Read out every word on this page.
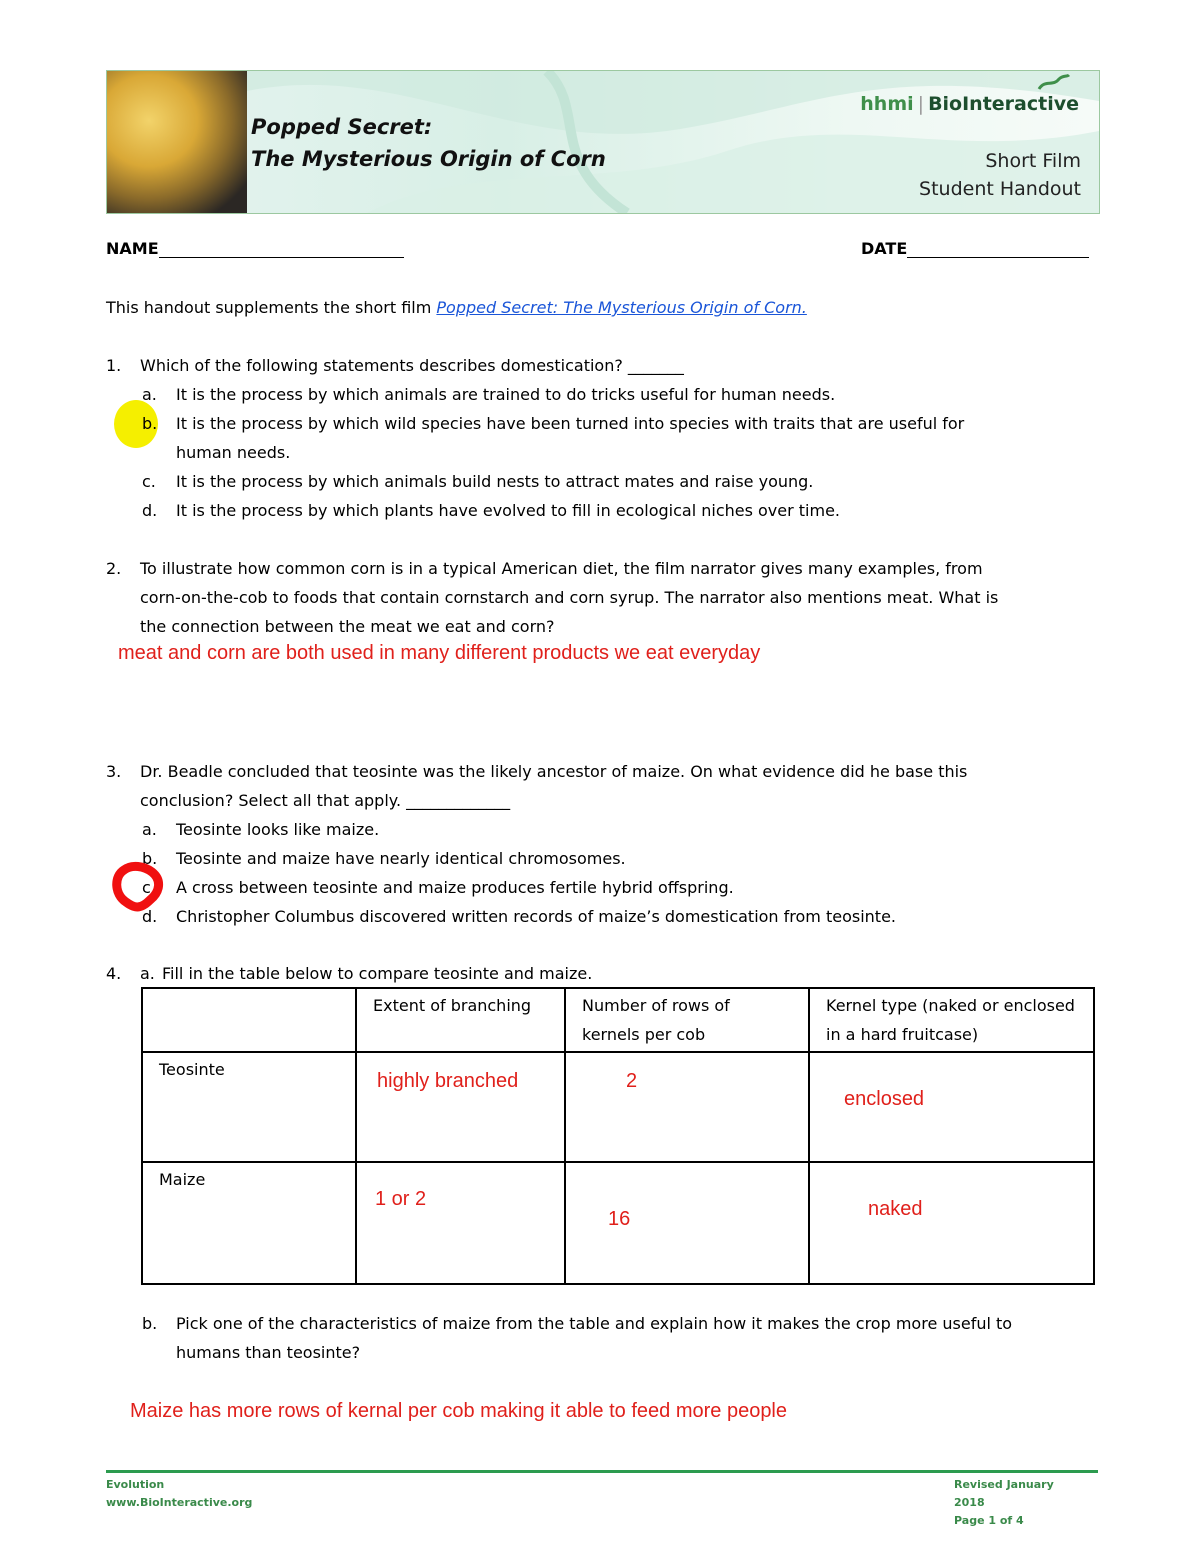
Popped Secret:
The Mysterious Origin of Corn
hhmi | BioInteractive
Short Film
Student Handout
NAME	DATE
This handout supplements the short film Popped Secret: The Mysterious Origin of Corn.
1. Which of the following statements describes domestication? _______
a. It is the process by which animals are trained to do tricks useful for human needs.
b. It is the process by which wild species have been turned into species with traits that are useful for
human needs.
c. It is the process by which animals build nests to attract mates and raise young.
d. It is the process by which plants have evolved to fill in ecological niches over time.
2. To illustrate how common corn is in a typical American diet, the film narrator gives many examples, from
corn-on-the-cob to foods that contain cornstarch and corn syrup. The narrator also mentions meat. What is
the connection between the meat we eat and corn?
meat and corn are both used in many different products we eat everyday
3. Dr. Beadle concluded that teosinte was the likely ancestor of maize. On what evidence did he base this
conclusion? Select all that apply. _____________
a. Teosinte looks like maize.
b. Teosinte and maize have nearly identical chromosomes.
c. A cross between teosinte and maize produces fertile hybrid offspring.
d. Christopher Columbus discovered written records of maize’s domestication from teosinte.
4. a. Fill in the table below to compare teosinte and maize.
	Extent of branching	Number of rows of kernels per cob	Kernel type (naked or enclosed in a hard fruitcase)
Teosinte	highly branched	2	enclosed
Maize	1 or 2	16	naked
b. Pick one of the characteristics of maize from the table and explain how it makes the crop more useful to
humans than teosinte?
Maize has more rows of kernal per cob making it able to feed more people
Evolution
www.BioInteractive.org
Revised January 2018
Page 1 of 4
